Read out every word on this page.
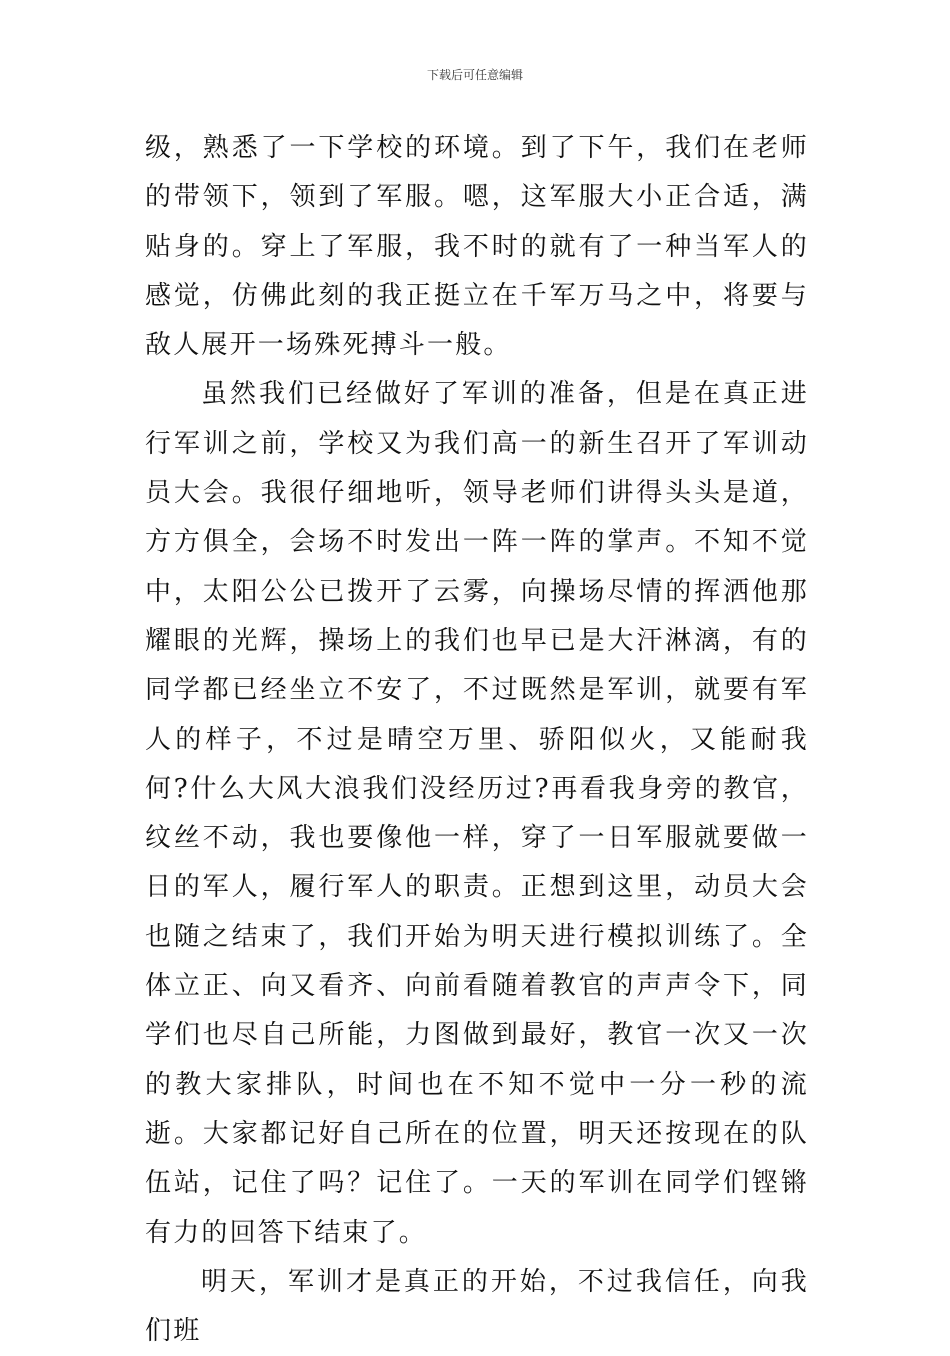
下载后可任意编辑

级，熟悉了一下学校的环境。到了下午，我们在老师的带领下，领到了军服。嗯，这军服大小正合适，满贴身的。穿上了军服，我不时的就有了一种当军人的感觉，仿佛此刻的我正挺立在千军万马之中，将要与敌人展开一场殊死搏斗一般。

虽然我们已经做好了军训的准备，但是在真正进行军训之前，学校又为我们高一的新生召开了军训动员大会。我很仔细地听，领导老师们讲得头头是道，方方俱全，会场不时发出一阵一阵的掌声。不知不觉中，太阳公公已拨开了云雾，向操场尽情的挥洒他那耀眼的光辉，操场上的我们也早已是大汗淋漓，有的同学都已经坐立不安了，不过既然是军训，就要有军人的样子，不过是晴空万里、骄阳似火，又能耐我何?什么大风大浪我们没经历过?再看我身旁的教官，纹丝不动，我也要像他一样，穿了一日军服就要做一日的军人，履行军人的职责。正想到这里，动员大会也随之结束了，我们开始为明天进行模拟训练了。全体立正、向又看齐、向前看随着教官的声声令下，同学们也尽自己所能，力图做到最好，教官一次又一次的教大家排队，时间也在不知不觉中一分一秒的流逝。大家都记好自己所在的位置，明天还按现在的队伍站，记住了吗？记住了。一天的军训在同学们铿锵有力的回答下结束了。

明天，军训才是真正的开始，不过我信任，向我们班
